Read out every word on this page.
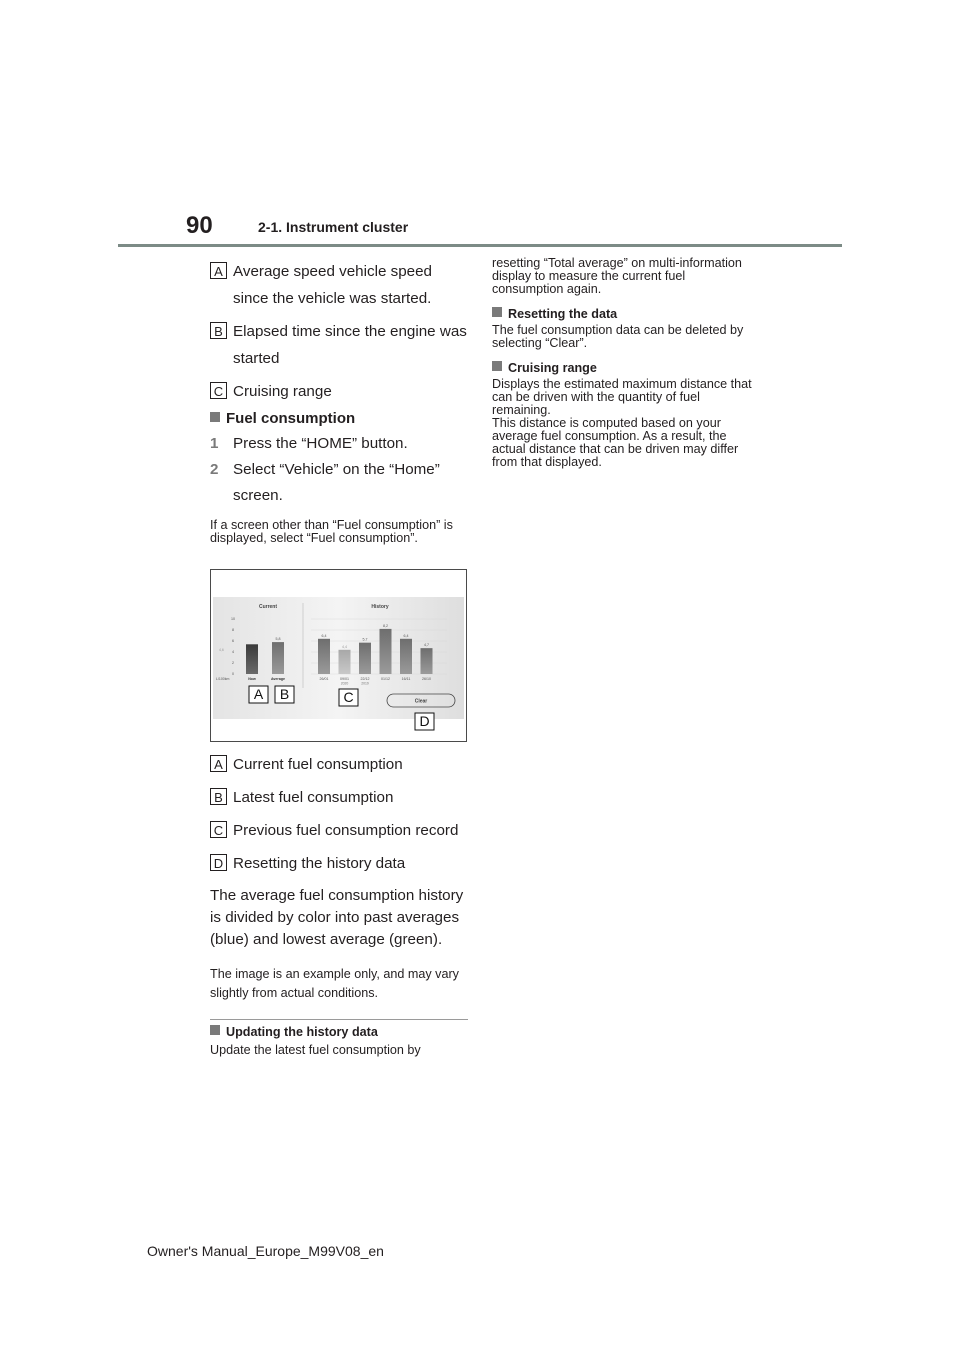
90	2-1. Instrument cluster
A Average speed vehicle speed since the vehicle was started.
B Elapsed time since the engine was started
C Cruising range
Fuel consumption
1 Press the “HOME” button.
2 Select “Vehicle” on the “Home” screen.

If a screen other than “Fuel consumption” is displayed, select “Fuel consumption”.

Current	History
10
8
6
4
2
0
4,6
L/100km	Now
5,8
Average
6,4
26/01
4,4
09/01
2020
5,7
22/12
2019
8,2
01/12
6,4
16/11
4,7
26/10
Clear
A B	C
D
A Current fuel consumption
B Latest fuel consumption
C Previous fuel consumption record
D Resetting the history data

The average fuel consumption history is divided by color into past averages (blue) and lowest average (green).

The image is an example only, and may vary slightly from actual conditions.

Updating the history data

Update the latest fuel consumption by

resetting “Total average” on multi-information display to measure the current fuel consumption again.

Resetting the data

The fuel consumption data can be deleted by selecting “Clear”.

Cruising range

Displays the estimated maximum distance that can be driven with the quantity of fuel remaining.

This distance is computed based on your average fuel consumption. As a result, the actual distance that can be driven may differ from that displayed.

Owner's Manual_Europe_M99V08_en
